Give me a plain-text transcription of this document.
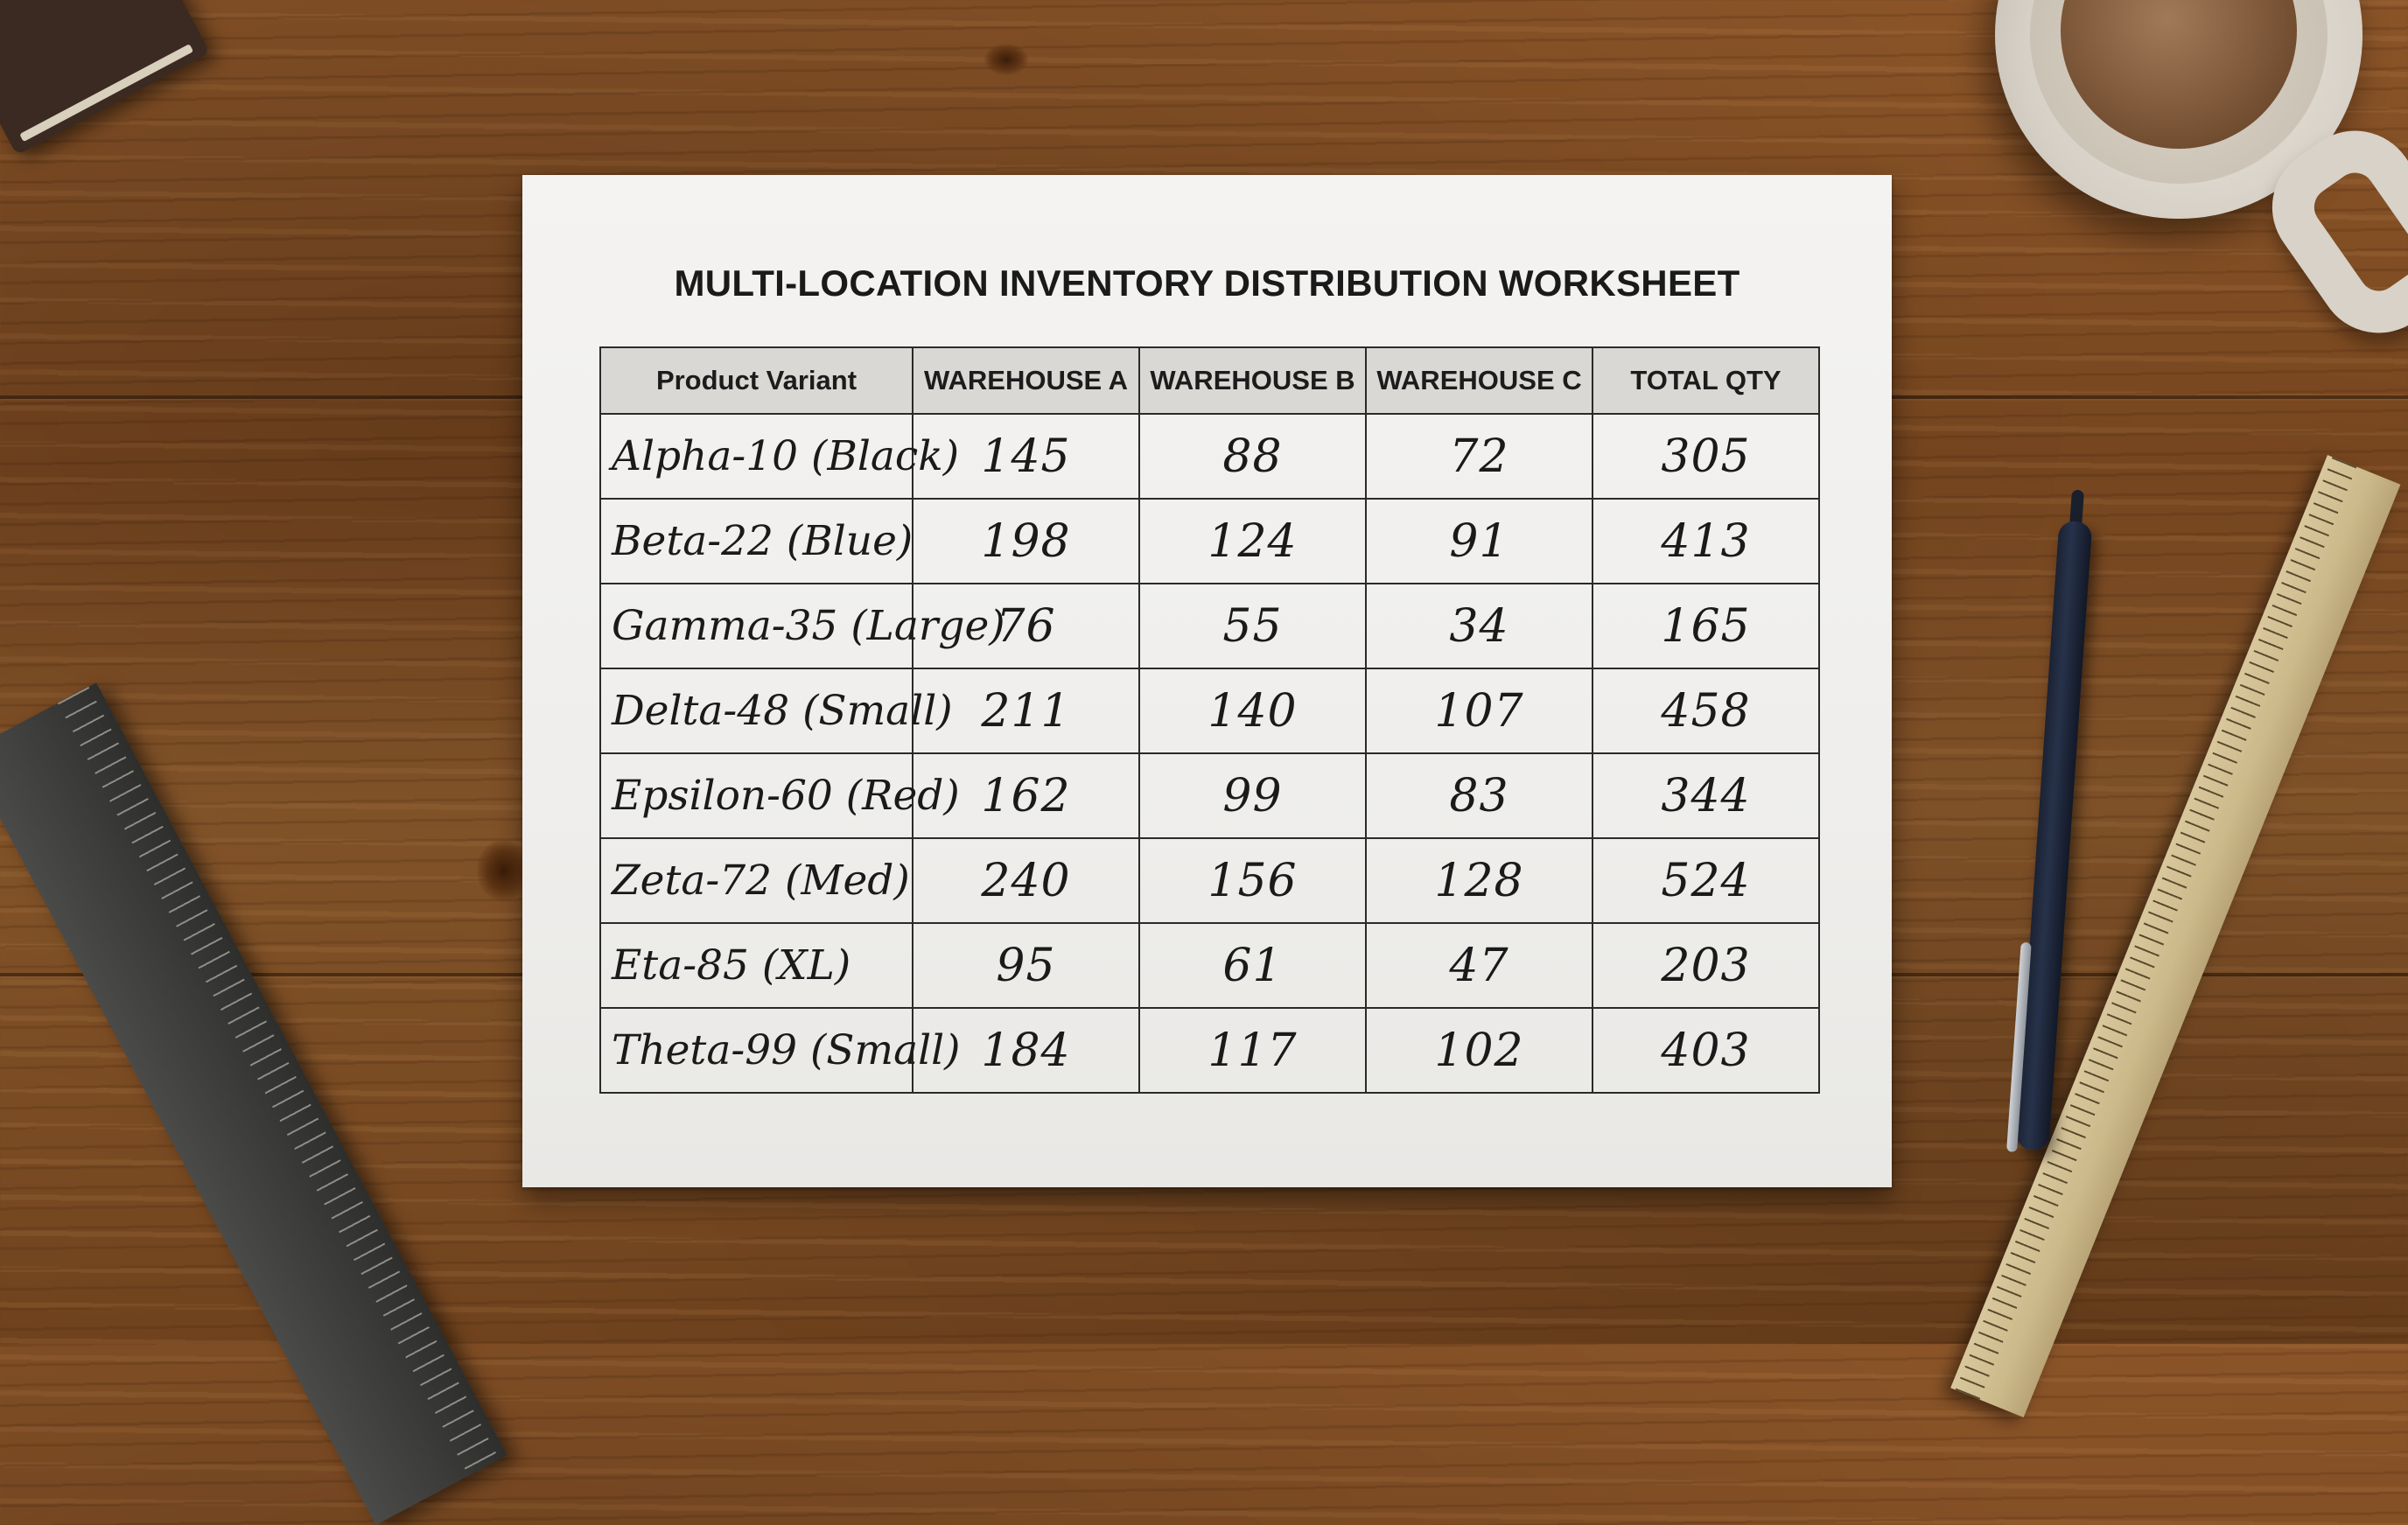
MULTI-LOCATION INVENTORY DISTRIBUTION WORKSHEET
Product Variant	WAREHOUSE A	WAREHOUSE B	WAREHOUSE C	TOTAL QTY
Alpha-10 (Black)	145	88	72	305
Beta-22 (Blue)	198	124	91	413
Gamma-35 (Large)	76	55	34	165
Delta-48 (Small)	211	140	107	458
Epsilon-60 (Red)	162	99	83	344
Zeta-72 (Med)	240	156	128	524
Eta-85 (XL)	95	61	47	203
Theta-99 (Small)	184	117	102	403
